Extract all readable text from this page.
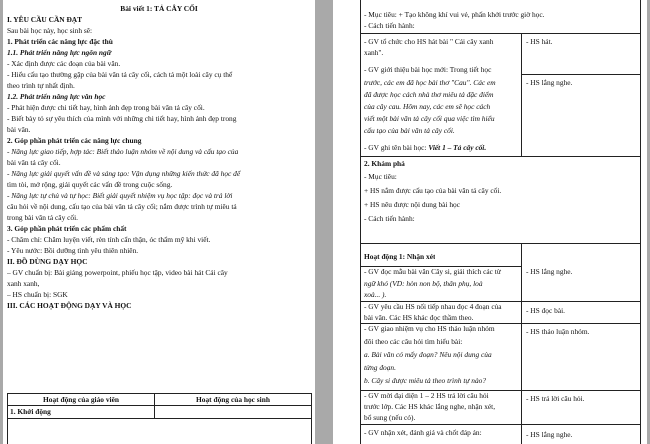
Bài viết 1: TẢ CÂY CỐI
I. YÊU CẦU CẦN ĐẠT
Sau bài học này, học sinh sẽ:
1. Phát triển các năng lực đặc thù
1.1. Phát triển năng lực ngôn ngữ
- Xác định được các đoạn của bài văn.
- Hiểu cấu tạo thường gặp của bài văn tả cây cối, cách tả một loài cây cụ thể
theo trình tự nhất định.
1.2. Phát triển năng lực văn học
- Phát hiện được chi tiết hay, hình ảnh đẹp trong bài văn tả cây cối.
- Biết bày tỏ sự yêu thích của mình với những chi tiết hay, hình ảnh đẹp trong
bài văn.
2. Góp phần phát triển các năng lực chung
- Năng lực giao tiếp, hợp tác: Biết thảo luận nhóm về nội dung và cấu tạo của
bài văn tả cây cối.
- Năng lực giải quyết vấn đề và sáng tạo: Vận dụng những kiến thức đã học để
tìm tòi, mở rộng, giải quyết các vấn đề trong cuộc sống.
- Năng lực tự chủ và tự học: Biết giải quyết nhiệm vụ học tập: đọc và trả lời
câu hỏi về nội dung, cấu tạo của bài văn tả cây cối; nắm được trình tự miêu tả
trong bài văn tả cây cối.
3. Góp phần phát triển các phẩm chất
- Chăm chỉ: Chăm luyện viết, rèn tính cẩn thận, óc thẩm mỹ khi viết.
- Yêu nước: Bồi dưỡng tình yêu thiên nhiên.
II. ĐỒ DÙNG DẠY HỌC
– GV chuẩn bị: Bài giảng powerpoint, phiếu học tập, video bài hát Cái cây
xanh xanh,
– HS chuẩn bị: SGK
III. CÁC HOẠT ĐỘNG DẠY VÀ HỌC
Hoạt động của giáo viên	Hoạt động của học sinh
1. Khởi động
- Mục tiêu: + Tạo không khí vui vẻ, phấn khởi trước giờ học.
- Cách tiến hành:
- GV tổ chức cho HS hát bài " Cái cây xanh
xanh".
- HS hát.
- GV giới thiệu bài học mới: Trong tiết học
trước, các em đã học bài thơ "Cau". Các em
đã được học cách nhà thơ miêu tả đặc điểm
của cây cau. Hôm nay, các em sẽ học cách
viết một bài văn tả cây cối qua việc tìm hiểu
cấu tạo của bài văn tả cây cối.
- HS lắng nghe.
- GV ghi tên bài học: Viết 1 – Tả cây cối.
2. Khám phá
- Mục tiêu:
+ HS nắm được cấu tạo của bài văn tả cây cối.
+ HS nêu được nội dung bài học
- Cách tiến hành:
Hoạt động 1: Nhận xét
- GV đọc mẫu bài văn Cây si, giải thích các từ
ngữ khó (VD: hòn non bộ, thân phụ, loà
xoà... ).
- HS lắng nghe.
- GV yêu cầu HS nối tiếp nhau đọc 4 đoạn của
bài văn. Các HS khác đọc thầm theo.
- HS đọc bài.
- GV giao nhiệm vụ cho HS thảo luận nhóm
đôi theo các câu hỏi tìm hiểu bài:
a. Bài văn có mấy đoạn? Nêu nội dung của
từng đoạn.
b. Cây si được miêu tả theo trình tự nào?
- HS thảo luận nhóm.
- GV mời đại diện 1 – 2 HS trả lời câu hỏi
trước lớp. Các HS khác lắng nghe, nhận xét,
bổ sung (nếu có).
- HS trả lời câu hỏi.
- GV nhận xét, đánh giá và chốt đáp án:	- HS lắng nghe.
